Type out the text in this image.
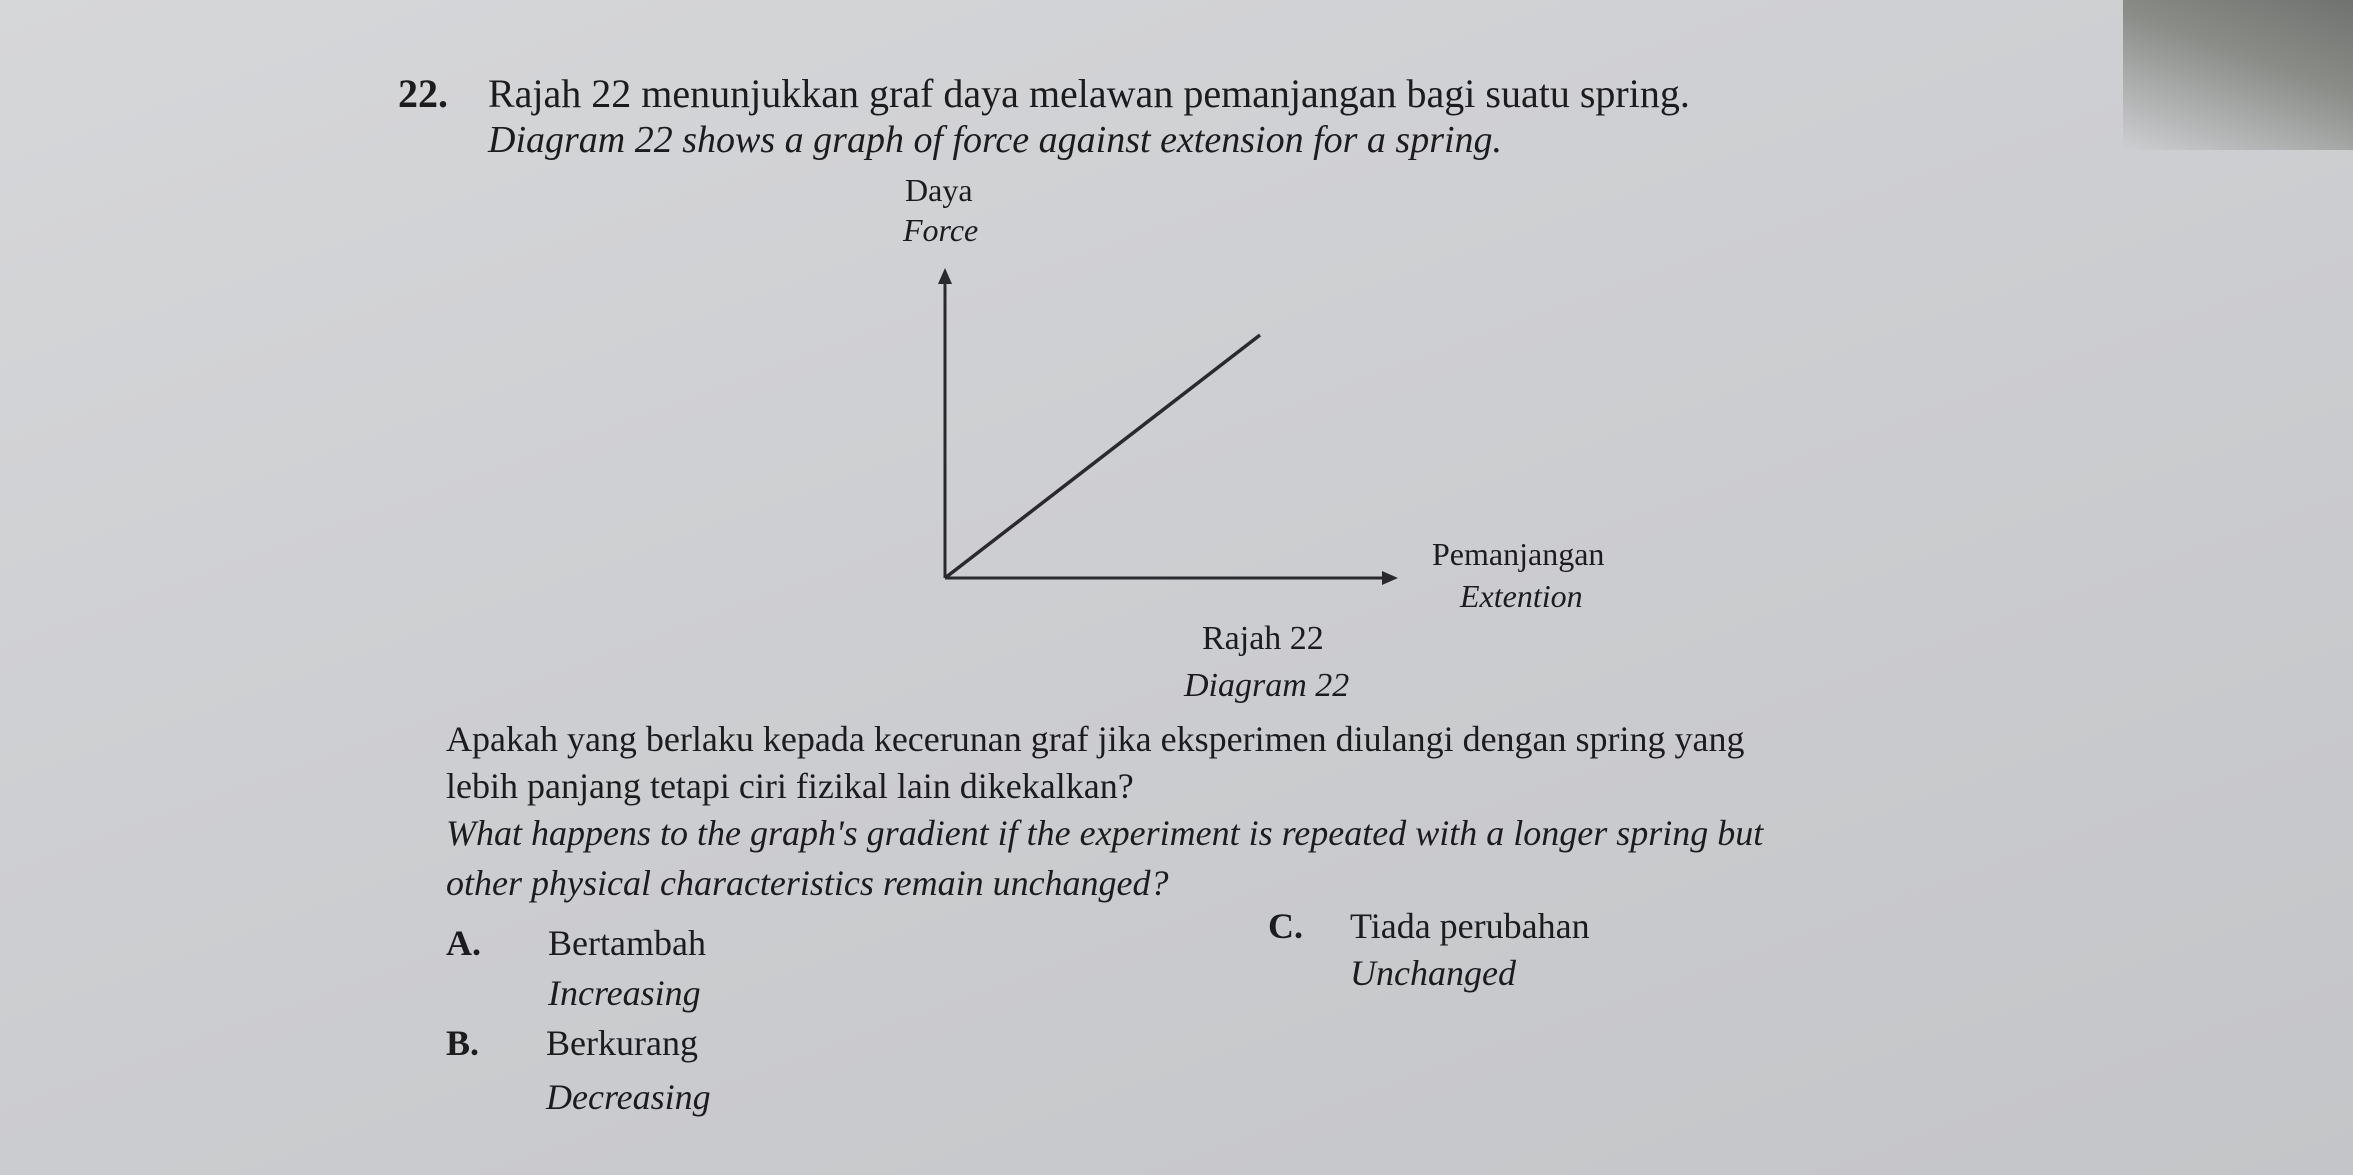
22. Rajah 22 menunjukkan graf daya melawan pemanjangan bagi suatu spring.
Diagram 22 shows a graph of force against extension for a spring.
Daya
Force
Pemanjangan
Extention
Rajah 22
Diagram 22
Apakah yang berlaku kepada kecerunan graf jika eksperimen diulangi dengan spring yang
lebih panjang tetapi ciri fizikal lain dikekalkan?
What happens to the graph's gradient if the experiment is repeated with a longer spring but
other physical characteristics remain unchanged?
A. Bertambah
Increasing
B. Berkurang
Decreasing
C. Tiada perubahan
Unchanged
